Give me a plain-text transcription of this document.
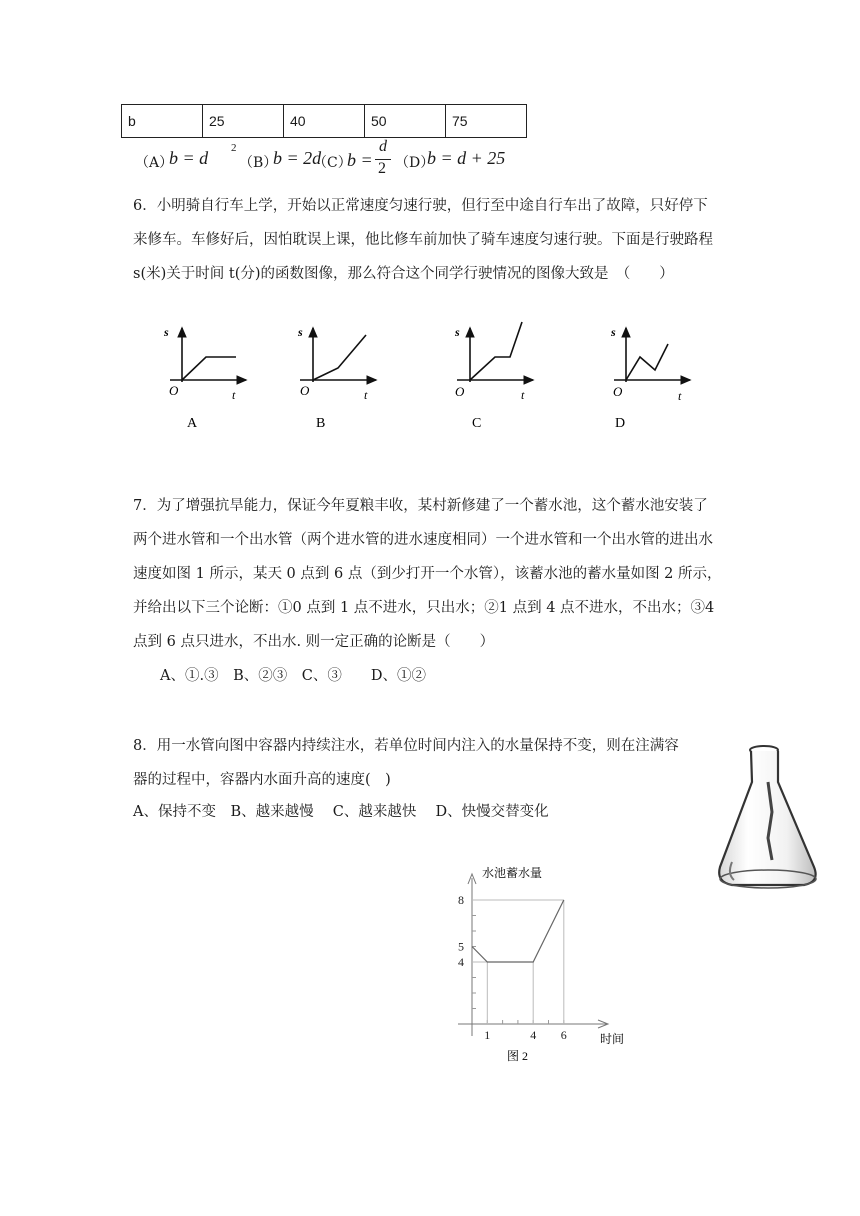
b	25	40	50	75
（A）
b = d 2
（B）
b = 2d
（C）
b =
d
2 （D）
b = d + 25
6．小明骑自行车上学，开始以正常速度匀速行驶，但行至中途自行车出了故障，只好停下
来修车。车修好后，因怕耽误上课，他比修车前加快了骑车速度匀速行驶。下面是行驶路程
s(米)关于时间 t(分)的函数图像，那么符合这个同学行驶情况的图像大致是　（　　）
s
O	t
s
O	t
s
O	t
s
O	t
A	B	C	D
7．为了增强抗旱能力，保证今年夏粮丰收，某村新修建了一个蓄水池，这个蓄水池安装了
两个进水管和一个出水管（两个进水管的进水速度相同）一个进水管和一个出水管的进出水
速度如图 1 所示，某天 0 点到 6 点（到少打开一个水管），该蓄水池的蓄水量如图 2 所示，
并给出以下三个论断：①0 点到 1 点不进水，只出水；②1 点到 4 点不进水，不出水；③4
点到 6 点只进水，不出水. 则一定正确的论断是（　　）
A、①.③　B、②③　C、③　　D、①②
8．用一水管向图中容器内持续注水，若单位时间内注入的水量保持不变，则在注满容
器的过程中，容器内水面升高的速度(　)
A、保持不变　B、越来越慢　 C、越来越快　 D、快慢交替变化
4
5
8
1	4 6
水池蓄水量
时间
图 2
